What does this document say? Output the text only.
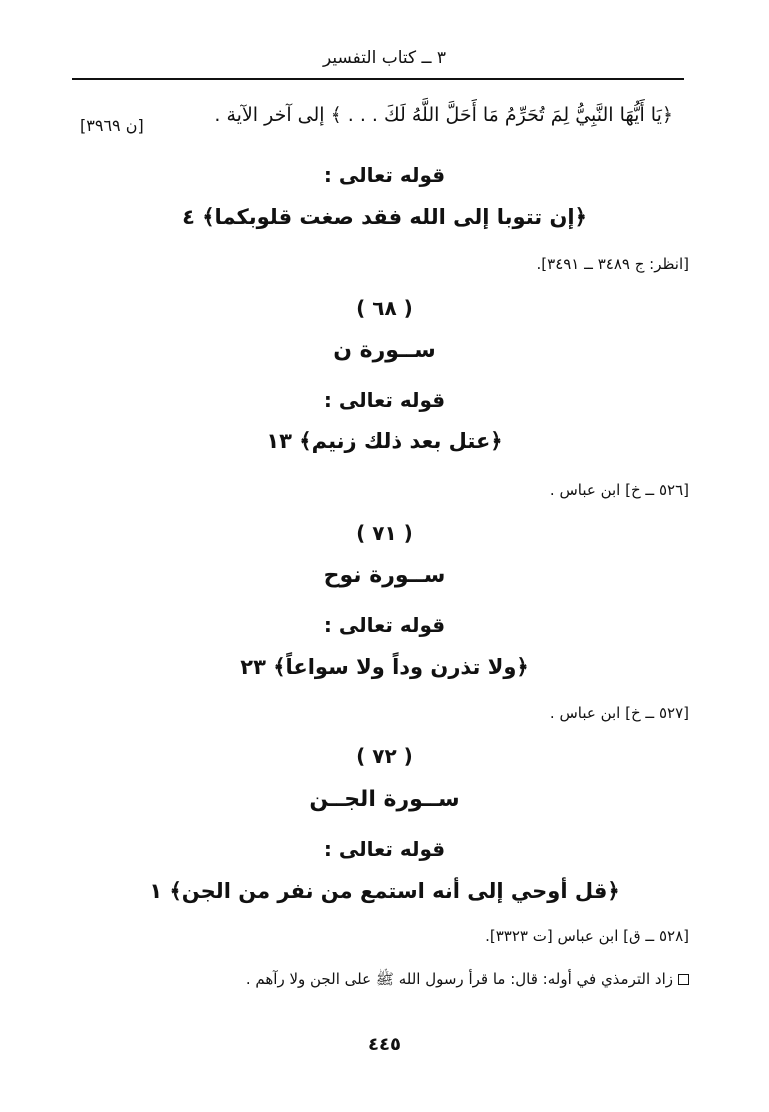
٣ ــ كتاب التفسير
﴿يَا أَيُّهَا النَّبِيُّ لِمَ تُحَرِّمُ مَا أَحَلَّ اللَّهُ لَكَ . . . ﴾ إلى آخر الآية .
[ن ٣٩٦٩]
قوله تعالى :
﴿إن تتوبا إلى الله فقد صغت قلوبكما﴾ ٤
[انظر: ج ٣٤٨٩ ــ ٣٤٩١].
( ٦٨ )
ســورة ن
قوله تعالى :
﴿عتل بعد ذلك زنيم﴾ ١٣
[٥٢٦ ــ خ] ابن عباس .
( ٧١ )
ســورة نوح
قوله تعالى :
﴿ولا تذرن وداً ولا سواعاً﴾ ٢٣
[٥٢٧ ــ خ] ابن عباس .
( ٧٢ )
ســورة الجــن
قوله تعالى :
﴿قل أوحي إلى أنه استمع من نفر من الجن﴾ ١
[٥٢٨ ــ ق] ابن عباس [ت ٣٣٢٣].
زاد الترمذي في أوله: قال: ما قرأ رسول الله ﷺ على الجن ولا رآهم .
٤٤٥
